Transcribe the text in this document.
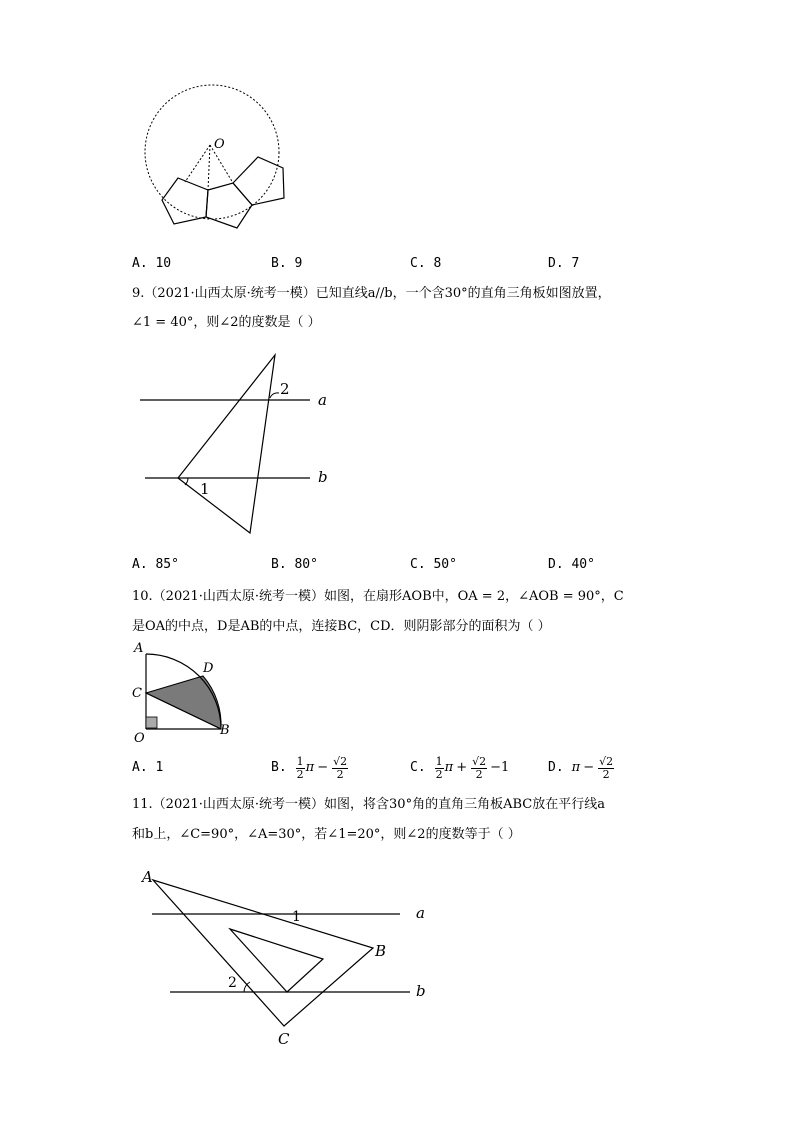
O
A. 10	B. 9	C. 8	D. 7
9.（2021·山西太原·统考一模）已知直线a//b，一个含30°的直角三角板如图放置，
∠1 = 40°，则∠2的度数是（ ）
2
1
a
b
A. 85°	B. 80°	C. 50°	D. 40°
10.（2021·山西太原·统考一模）如图，在扇形AOB中，OA = 2，∠AOB = 90°，C
是OA的中点，D是AB的中点，连接BC，CD．则阴影部分的面积为（ ）
A
D
C
O
B
A. 1	B. $\frac{1}{2}$ $\pi - \frac{√2}{2}$	C. $\frac{1}{2}$ $\pi + \frac{√2}{2} -1$	D. $\pi - \frac{√2}{2}$
11.（2021·山西太原·统考一模）如图，将含30°角的直角三角板ABC放在平行线a
和b上，∠C=90°，∠A=30°，若∠1=20°，则∠2的度数等于（ ）
A
B
C
a
b
1
2
